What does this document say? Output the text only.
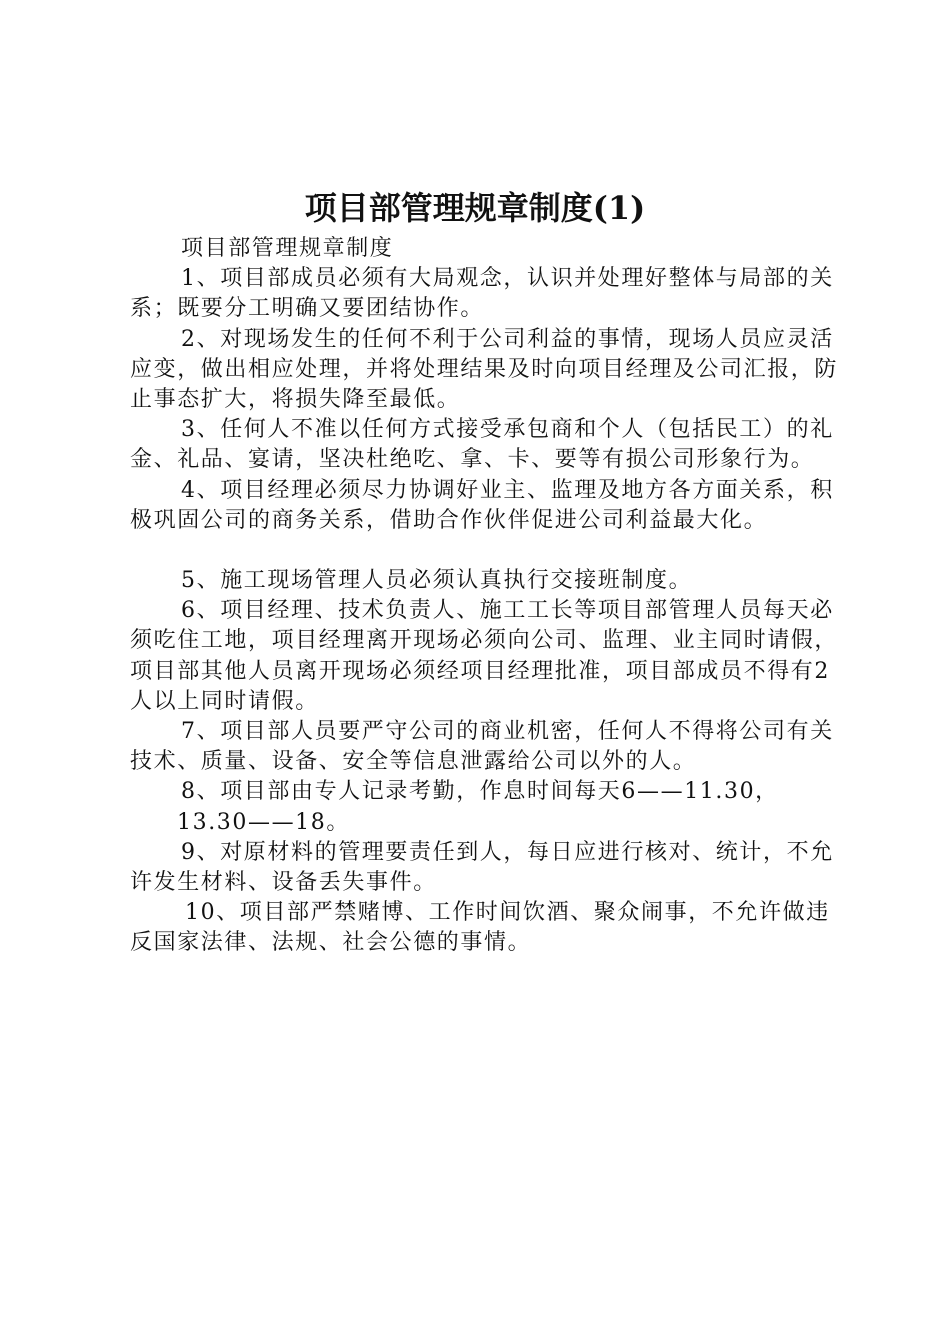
项目部管理规章制度(1)

项目部管理规章制度

1、项目部成员必须有大局观念，认识并处理好整体与局部的关系；既要分工明确又要团结协作。

2、对现场发生的任何不利于公司利益的事情，现场人员应灵活应变，做出相应处理，并将处理结果及时向项目经理及公司汇报，防止事态扩大，将损失降至最低。

3、任何人不准以任何方式接受承包商和个人（包括民工）的礼金、礼品、宴请，坚决杜绝吃、拿、卡、要等有损公司形象行为。

4、项目经理必须尽力协调好业主、监理及地方各方面关系，积极巩固公司的商务关系，借助合作伙伴促进公司利益最大化。

5、施工现场管理人员必须认真执行交接班制度。

6、项目经理、技术负责人、施工工长等项目部管理人员每天必须吃住工地，项目经理离开现场必须向公司、监理、业主同时请假，项目部其他人员离开现场必须经项目经理批准，项目部成员不得有2人以上同时请假。

7、项目部人员要严守公司的商业机密，任何人不得将公司有关技术、质量、设备、安全等信息泄露给公司以外的人。

8、项目部由专人记录考勤，作息时间每天6——11.30，

13.30——18。

9、对原材料的管理要责任到人，每日应进行核对、统计，不允许发生材料、设备丢失事件。

10、项目部严禁赌博、工作时间饮酒、聚众闹事，不允许做违反国家法律、法规、社会公德的事情。
